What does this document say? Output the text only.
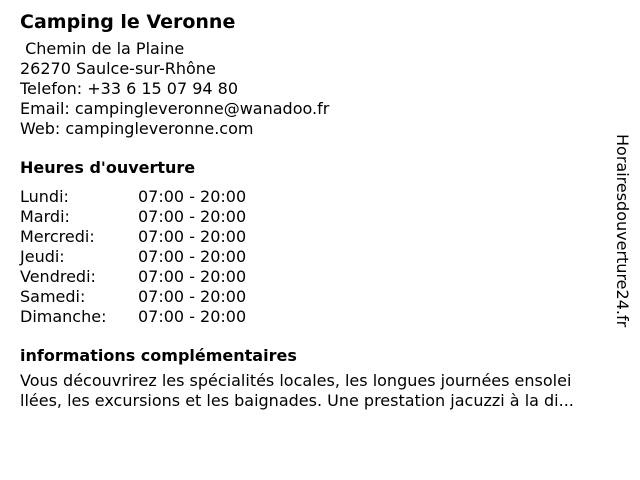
Camping le Veronne
Chemin de la Plaine
26270 Saulce-sur-Rhône
Telefon: +33 6 15 07 94 80
Email: campingleveronne@wanadoo.fr
Web: campingleveronne.com
Heures d'ouverture
Lundi:	07:00 - 20:00
Mardi:	07:00 - 20:00
Mercredi:	07:00 - 20:00
Jeudi:	07:00 - 20:00
Vendredi:	07:00 - 20:00
Samedi:	07:00 - 20:00
Dimanche:	07:00 - 20:00
informations complémentaires
Vous découvrirez les spécialités locales, les longues journées ensolei
llées, les excursions et les baignades. Une prestation jacuzzi à la di...
Horairesdouverture24.fr
